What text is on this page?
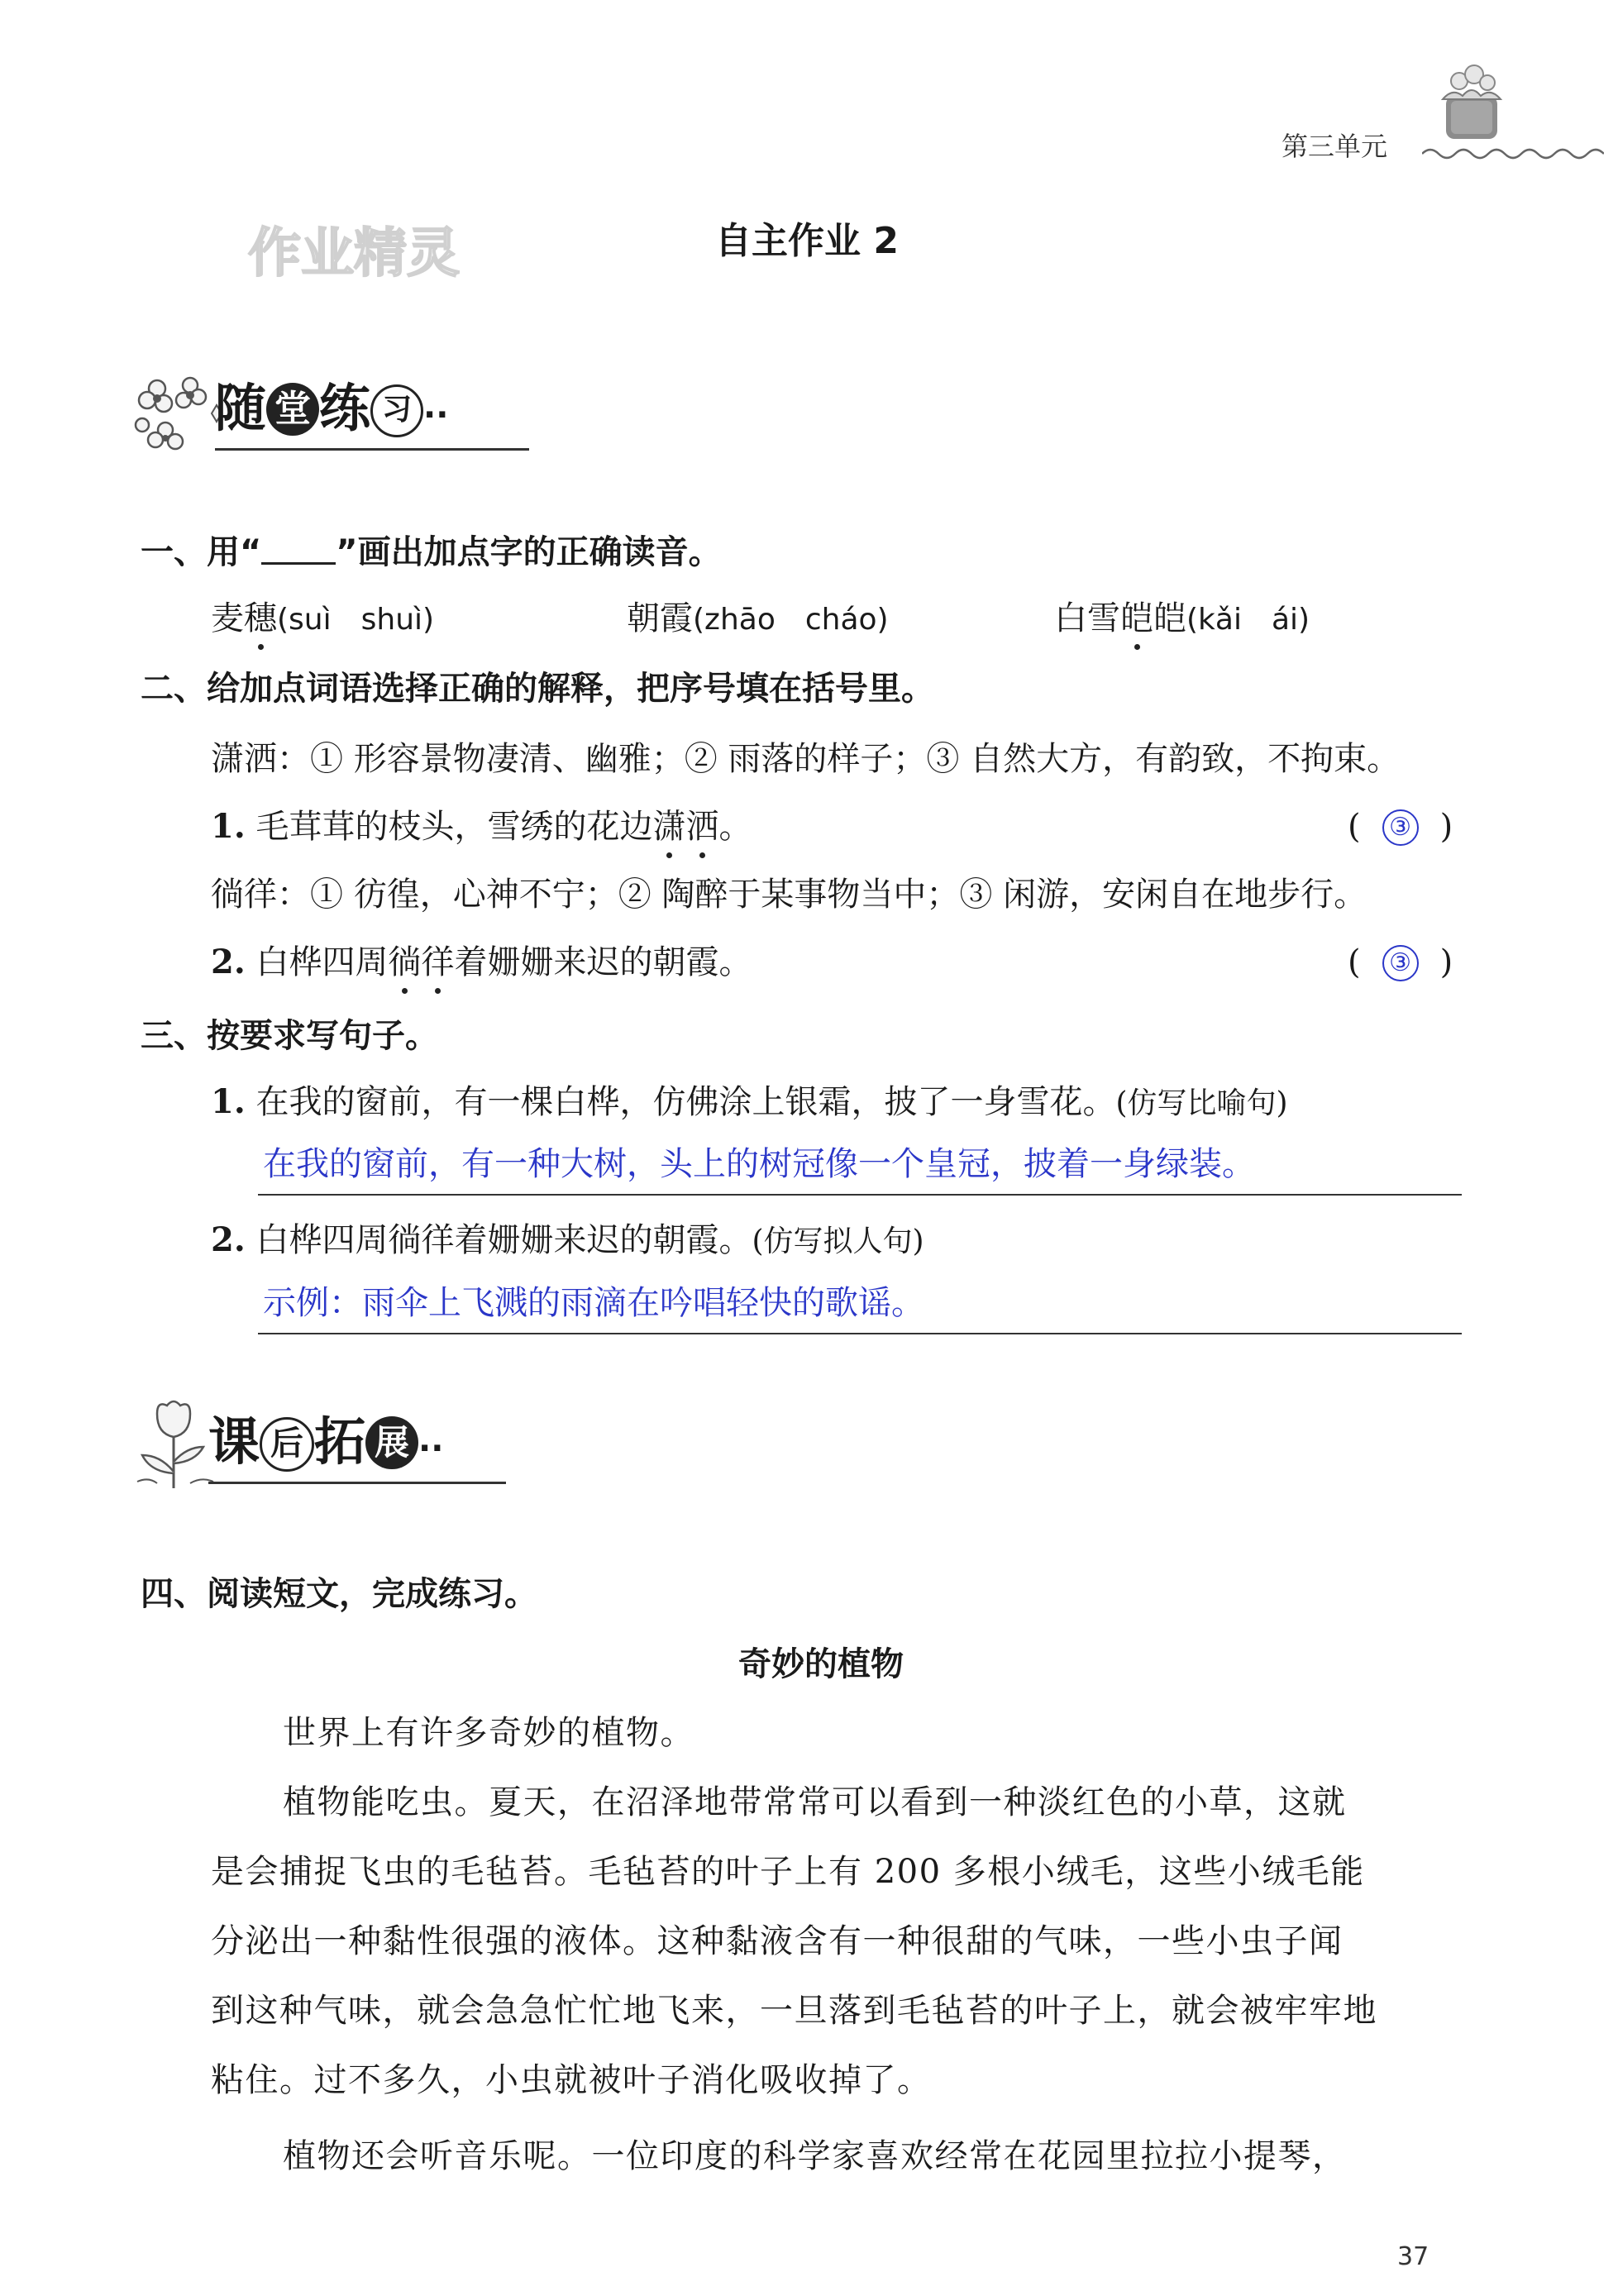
第三单元
作业精灵	自主作业 2
随 堂 练 习 ··
一、用“ ”画出加点字的正确读音。
麦穗(suì　shuì)	朝霞(zhāo　cháo)	白雪皑皑(kǎi　ái)
二、给加点词语选择正确的解释，把序号填在括号里。
潇洒：① 形容景物凄清、幽雅；② 雨落的样子；③ 自然大方，有韵致，不拘束。
1. 毛茸茸的枝头，雪绣的花边潇洒。	( ③ )
徜徉：① 彷徨，心神不宁；② 陶醉于某事物当中；③ 闲游，安闲自在地步行。
2. 白桦四周徜徉着姗姗来迟的朝霞。	( ③ )
三、按要求写句子。
1. 在我的窗前，有一棵白桦，仿佛涂上银霜，披了一身雪花。(仿写比喻句)
在我的窗前，有一种大树，头上的树冠像一个皇冠，披着一身绿装。
2. 白桦四周徜徉着姗姗来迟的朝霞。(仿写拟人句)
示例：雨伞上飞溅的雨滴在吟唱轻快的歌谣。
课 后 拓 展 ··
四、阅读短文，完成练习。
奇妙的植物
世界上有许多奇妙的植物。
植物能吃虫。夏天，在沼泽地带常常可以看到一种淡红色的小草，这就
是会捕捉飞虫的毛毡苔。毛毡苔的叶子上有 200 多根小绒毛，这些小绒毛能
分泌出一种黏性很强的液体。这种黏液含有一种很甜的气味，一些小虫子闻
到这种气味，就会急急忙忙地飞来，一旦落到毛毡苔的叶子上，就会被牢牢地
粘住。过不多久，小虫就被叶子消化吸收掉了。
植物还会听音乐呢。一位印度的科学家喜欢经常在花园里拉拉小提琴，
37
